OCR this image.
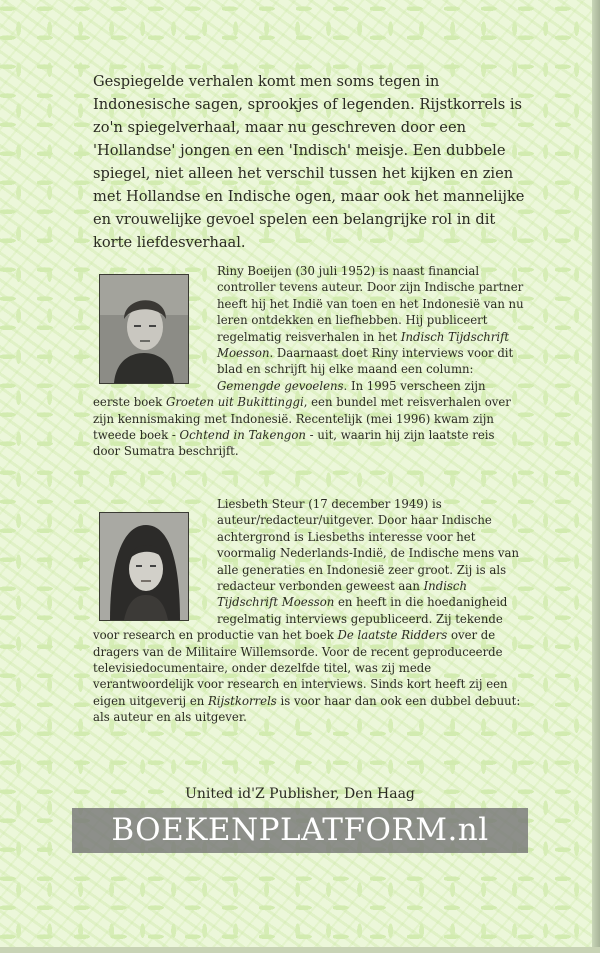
Gespiegelde verhalen komt men soms tegen in Indonesische sagen, sprookjes of legenden. Rijstkorrels is zo'n spiegelverhaal, maar nu geschreven door een 'Hollandse' jongen en een 'Indisch' meisje. Een dubbele spiegel, niet alleen het verschil tussen het kijken en zien met Hollandse en Indische ogen, maar ook het mannelijke en vrouwelijke gevoel spelen een belangrijke rol in dit korte liefdesverhaal.

Riny Boeijen (30 juli 1952) is naast financial controller tevens auteur. Door zijn Indische partner heeft hij het Indië van toen en het Indonesië van nu leren ontdekken en liefhebben. Hij publiceert regelmatig reisverhalen in het Indisch Tijdschrift Moesson. Daarnaast doet Riny interviews voor dit blad en schrijft hij elke maand een column: Gemengde gevoelens. In 1995 verscheen zijn eerste boek Groeten uit Bukittinggi, een bundel met reisverhalen over zijn kennismaking met Indonesië. Recentelijk (mei 1996) kwam zijn tweede boek - Ochtend in Takengon - uit, waarin hij zijn laatste reis door Sumatra beschrijft.

Liesbeth Steur (17 december 1949) is auteur/redacteur/uitgever. Door haar Indische achtergrond is Liesbeths interesse voor het voormalig Nederlands-Indië, de Indische mens van alle generaties en Indonesië zeer groot. Zij is als redacteur verbonden geweest aan Indisch Tijdschrift Moesson en heeft in die hoedanigheid regelmatig interviews gepubliceerd. Zij tekende voor research en productie van het boek De laatste Ridders over de dragers van de Militaire Willemsorde. Voor de recent geproduceerde televisiedocumentaire, onder dezelfde titel, was zij mede verantwoordelijk voor research en interviews. Sinds kort heeft zij een eigen uitgeverij en Rijstkorrels is voor haar dan ook een dubbel debuut: als auteur en als uitgever.

United id'Z Publisher, Den Haag

BOEKENPLATFORM.nl
